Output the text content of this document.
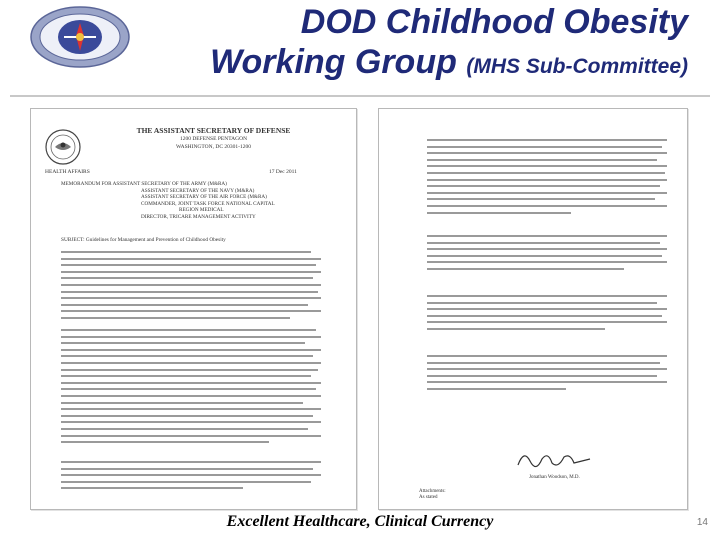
DOD Childhood Obesity
Working Group (MHS Sub-Committee)
THE ASSISTANT SECRETARY OF DEFENSE
1200 DEFENSE PENTAGON
WASHINGTON, DC 20301-1200
HEALTH AFFAIRS	17 Dec 2011
MEMORANDUM FOR ASSISTANT SECRETARY OF THE ARMY (M&RA)
ASSISTANT SECRETARY OF THE NAVY (M&RA)
ASSISTANT SECRETARY OF THE AIR FORCE (M&RA)
COMMANDER, JOINT TASK FORCE NATIONAL CAPITAL
REGION MEDICAL
DIRECTOR, TRICARE MANAGEMENT ACTIVITY
SUBJECT: Guidelines for Management and Prevention of Childhood Obesity
Jonathan Woodson, M.D.
Attachments:
As stated
Excellent Healthcare, Clinical Currency	14
